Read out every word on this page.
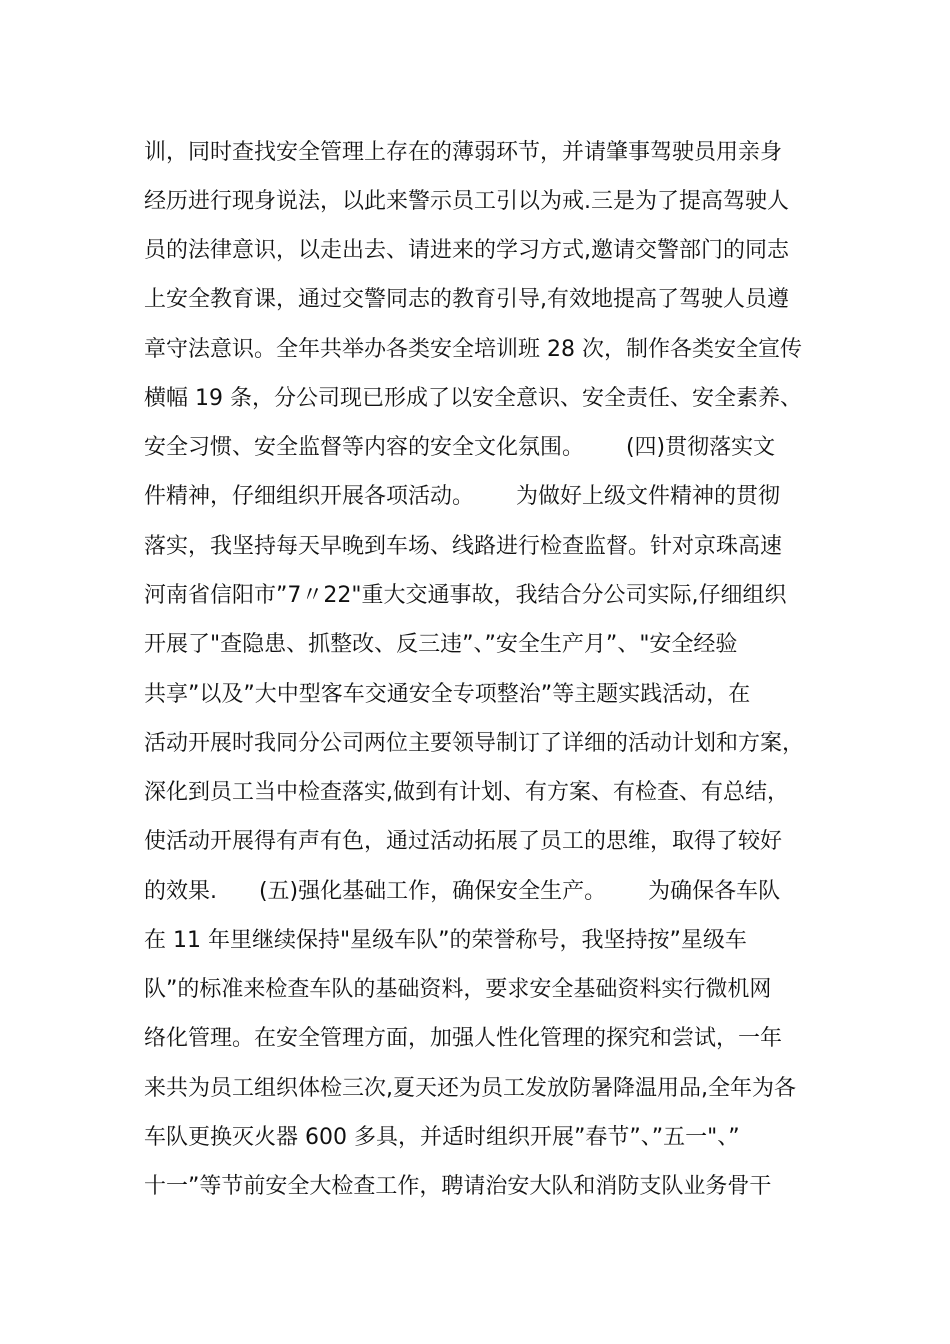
训，同时查找安全管理上存在的薄弱环节，并请肇事驾驶员用亲身
经历进行现身说法，以此来警示员工引以为戒.三是为了提高驾驶人
员的法律意识，以走出去、请进来的学习方式,邀请交警部门的同志
上安全教育课，通过交警同志的教育引导,有效地提高了驾驶人员遵
章守法意识。全年共举办各类安全培训班 28 次，制作各类安全宣传
横幅 19 条，分公司现已形成了以安全意识、安全责任、安全素养、
安全习惯、安全监督等内容的安全文化氛围。      (四)贯彻落实文
件精神，仔细组织开展各项活动。      为做好上级文件精神的贯彻
落实，我坚持每天早晚到车场、线路进行检查监督。针对京珠高速
河南省信阳市”7〃22"重大交通事故，我结合分公司实际,仔细组织
开展了"查隐患、抓整改、反三违”、”安全生产月”、"安全经验
共享”以及”大中型客车交通安全专项整治”等主题实践活动，在
活动开展时我同分公司两位主要领导制订了详细的活动计划和方案，
深化到员工当中检查落实,做到有计划、有方案、有检查、有总结，
使活动开展得有声有色，通过活动拓展了员工的思维，取得了较好
的效果.      (五)强化基础工作，确保安全生产。      为确保各车队
在 11 年里继续保持"星级车队”的荣誉称号，我坚持按”星级车
队”的标准来检查车队的基础资料，要求安全基础资料实行微机网
络化管理。在安全管理方面，加强人性化管理的探究和尝试，一年
来共为员工组织体检三次,夏天还为员工发放防暑降温用品,全年为各
车队更换灭火器 600 多具，并适时组织开展”春节”、”五一"、”
十一”等节前安全大检查工作，聘请治安大队和消防支队业务骨干
